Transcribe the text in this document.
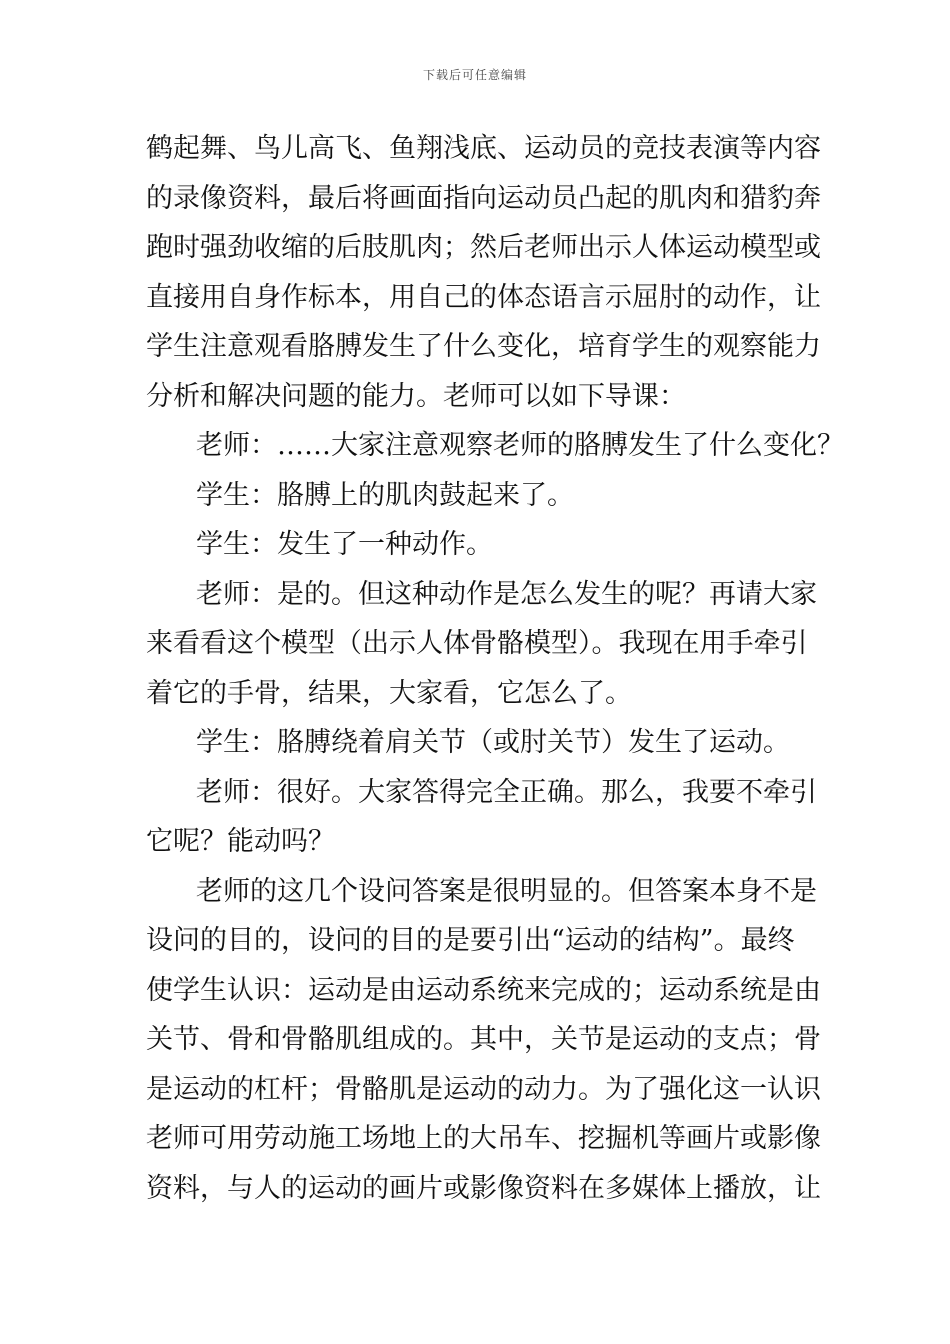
下载后可任意编辑
鹤起舞、鸟儿高飞、鱼翔浅底、运动员的竞技表演等内容
的录像资料，最后将画面指向运动员凸起的肌肉和猎豹奔
跑时强劲收缩的后肢肌肉；然后老师出示人体运动模型或
直接用自身作标本，用自己的体态语言示屈肘的动作，让
学生注意观看胳膊发生了什么变化，培育学生的观察能力
分析和解决问题的能力。老师可以如下导课：
老师：……大家注意观察老师的胳膊发生了什么变化？
学生：胳膊上的肌肉鼓起来了。
学生：发生了一种动作。
老师：是的。但这种动作是怎么发生的呢？再请大家
来看看这个模型（出示人体骨骼模型）。我现在用手牵引
着它的手骨，结果，大家看，它怎么了。
学生：胳膊绕着肩关节（或肘关节）发生了运动。
老师：很好。大家答得完全正确。那么，我要不牵引
它呢？能动吗？
老师的这几个设问答案是很明显的。但答案本身不是
设问的目的，设问的目的是要引出“运动的结构”。最终
使学生认识：运动是由运动系统来完成的；运动系统是由
关节、骨和骨骼肌组成的。其中，关节是运动的支点；骨
是运动的杠杆；骨骼肌是运动的动力。为了强化这一认识
老师可用劳动施工场地上的大吊车、挖掘机等画片或影像
资料，与人的运动的画片或影像资料在多媒体上播放，让
